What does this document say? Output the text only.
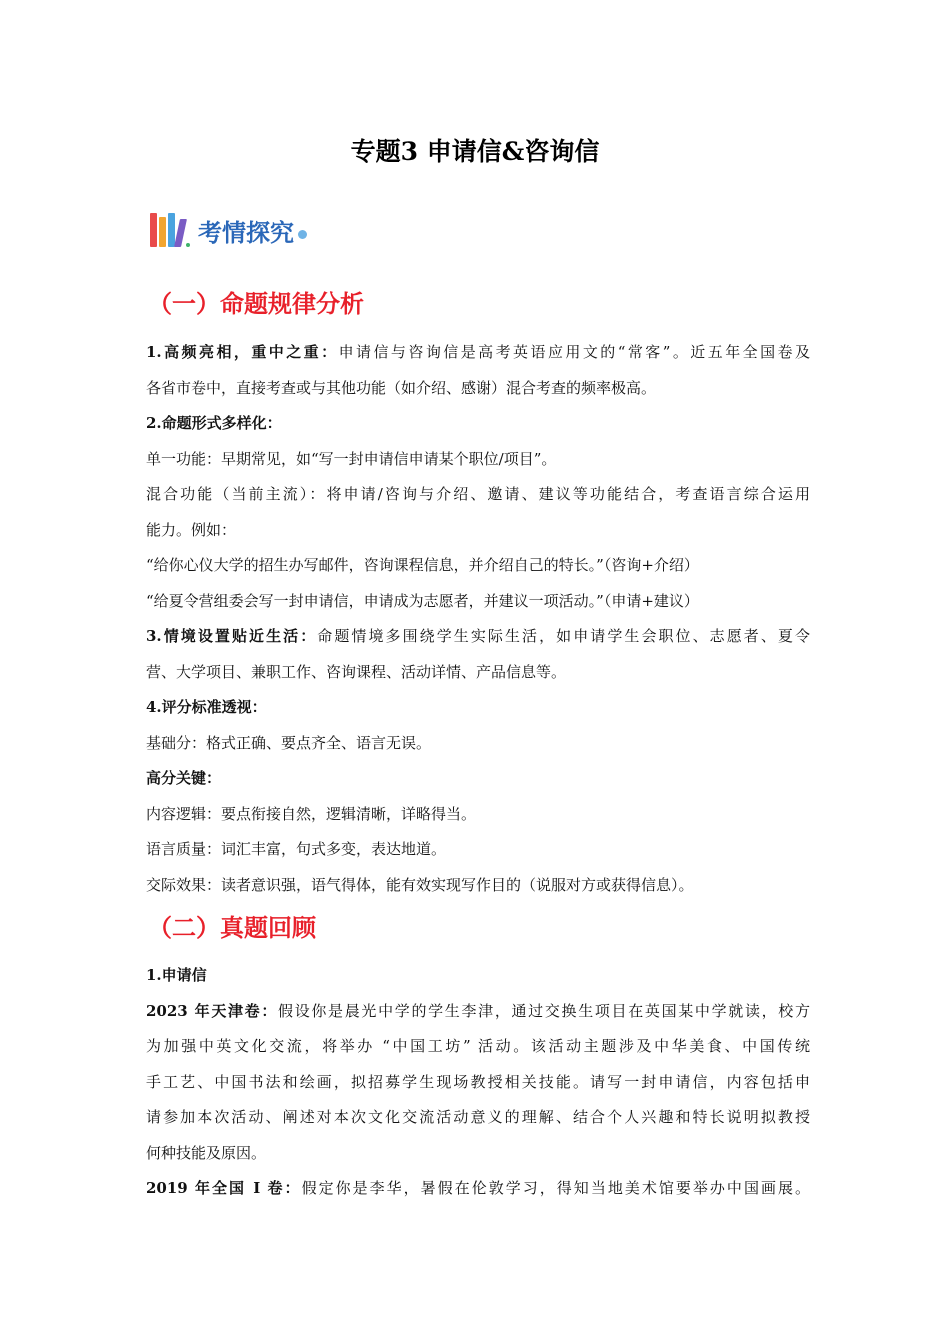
专题3 申请信&咨询信
考情探究
（一）命题规律分析
1.高频亮相，重中之重：申请信与咨询信是高考英语应用文的“常客”。近五年全国卷及
各省市卷中，直接考查或与其他功能（如介绍、感谢）混合考查的频率极高。
2.命题形式多样化：
单一功能：早期常见，如“写一封申请信申请某个职位/项目”。
混合功能（当前主流）：将申请/咨询与介绍、邀请、建议等功能结合，考查语言综合运用
能力。例如：
“给你心仪大学的招生办写邮件，咨询课程信息，并介绍自己的特长。”（咨询+介绍）
“给夏令营组委会写一封申请信，申请成为志愿者，并建议一项活动。”（申请+建议）
3.情境设置贴近生活：命题情境多围绕学生实际生活，如申请学生会职位、志愿者、夏令
营、大学项目、兼职工作、咨询课程、活动详情、产品信息等。
4.评分标准透视：
基础分：格式正确、要点齐全、语言无误。
高分关键：
内容逻辑：要点衔接自然，逻辑清晰，详略得当。
语言质量：词汇丰富，句式多变，表达地道。
交际效果：读者意识强，语气得体，能有效实现写作目的（说服对方或获得信息）。
（二）真题回顾
1.申请信
2023 年天津卷：假设你是晨光中学的学生李津，通过交换生项目在英国某中学就读，校方
为加强中英文化交流，将举办 “中国工坊” 活动。该活动主题涉及中华美食、中国传统
手工艺、中国书法和绘画，拟招募学生现场教授相关技能。请写一封申请信，内容包括申
请参加本次活动、阐述对本次文化交流活动意义的理解、结合个人兴趣和特长说明拟教授
何种技能及原因。
2019 年全国 I 卷：假定你是李华，暑假在伦敦学习，得知当地美术馆要举办中国画展。
